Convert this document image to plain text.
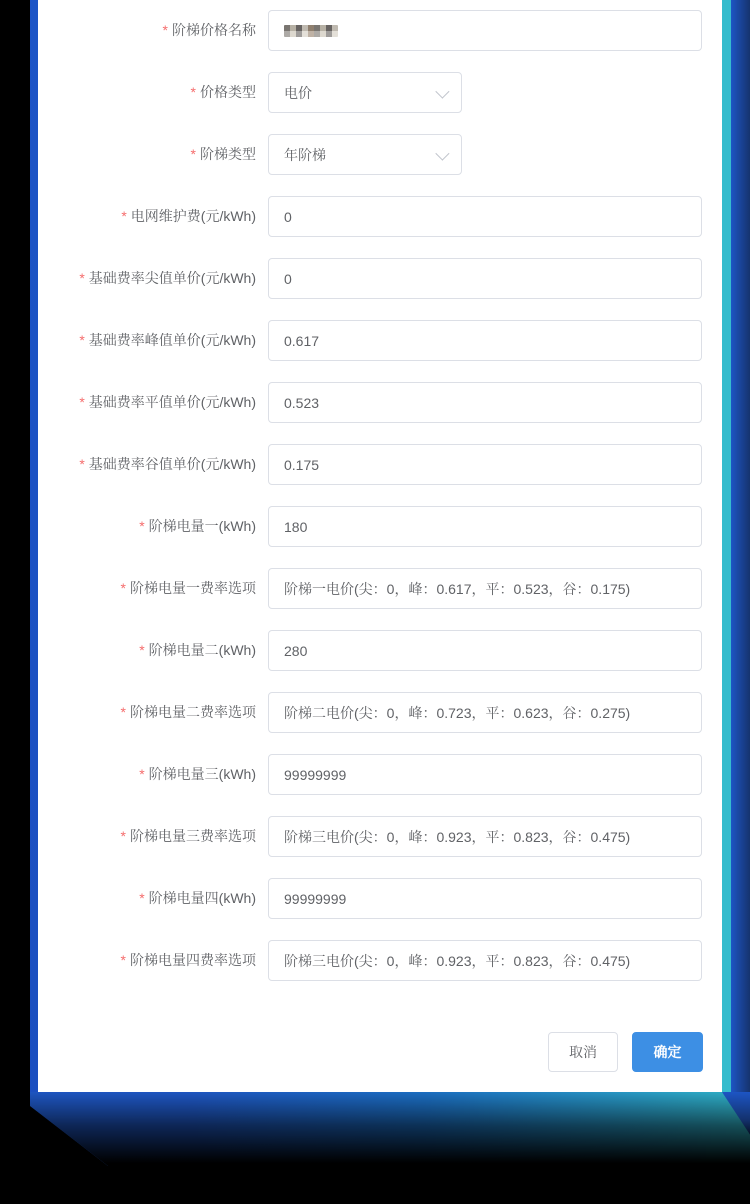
* 阶梯价格名称
* 价格类型	电价
* 阶梯类型	年阶梯
* 电网维护费(元/kWh)	0
* 基础费率尖值单价(元/kWh)	0
* 基础费率峰值单价(元/kWh)	0.617
* 基础费率平值单价(元/kWh)	0.523
* 基础费率谷值单价(元/kWh)	0.175
* 阶梯电量一(kWh)	180
* 阶梯电量一费率选项	阶梯一电价(尖：0，峰：0.617，平：0.523，谷：0.175)
* 阶梯电量二(kWh)	280
* 阶梯电量二费率选项	阶梯二电价(尖：0，峰：0.723，平：0.623，谷：0.275)
* 阶梯电量三(kWh)	99999999
* 阶梯电量三费率选项	阶梯三电价(尖：0，峰：0.923，平：0.823，谷：0.475)
* 阶梯电量四(kWh)	99999999
* 阶梯电量四费率选项	阶梯三电价(尖：0，峰：0.923，平：0.823，谷：0.475)
取消	确定
